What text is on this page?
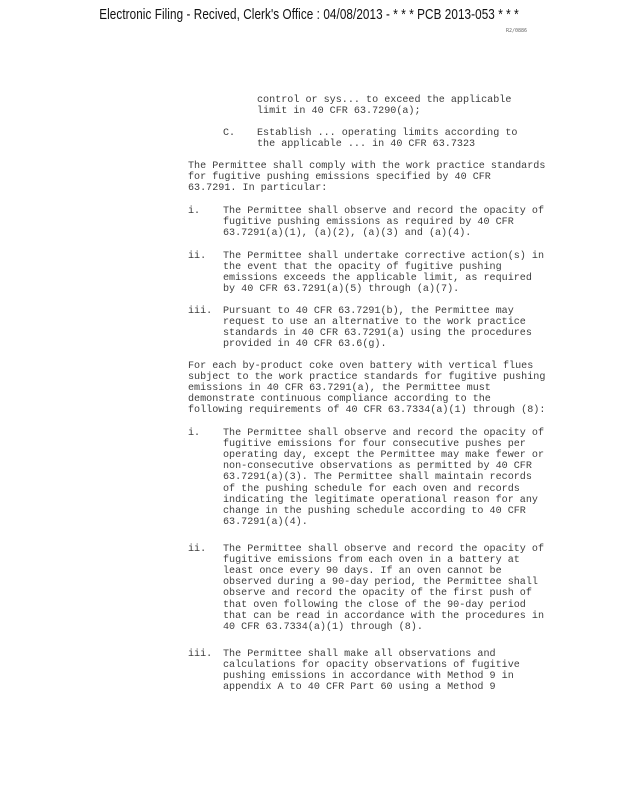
Electronic Filing - Recived, Clerk's Office : 04/08/2013 - * * * PCB 2013-053 * * *
R2/0886
control or sys... to exceed the applicable
limit in 40 CFR 63.7290(a);
C. Establish ... operating limits according to
the applicable ... in 40 CFR 63.7323
The Permittee shall comply with the work practice standards
for fugitive pushing emissions specified by 40 CFR
63.7291. In particular:
i. The Permittee shall observe and record the opacity of
fugitive pushing emissions as required by 40 CFR
63.7291(a)(1), (a)(2), (a)(3) and (a)(4).
ii. The Permittee shall undertake corrective action(s) in
the event that the opacity of fugitive pushing
emissions exceeds the applicable limit, as required
by 40 CFR 63.7291(a)(5) through (a)(7).
iii. Pursuant to 40 CFR 63.7291(b), the Permittee may
request to use an alternative to the work practice
standards in 40 CFR 63.7291(a) using the procedures
provided in 40 CFR 63.6(g).
For each by-product coke oven battery with vertical flues
subject to the work practice standards for fugitive pushing
emissions in 40 CFR 63.7291(a), the Permittee must
demonstrate continuous compliance according to the
following requirements of 40 CFR 63.7334(a)(1) through (8):
i. The Permittee shall observe and record the opacity of
fugitive emissions for four consecutive pushes per
operating day, except the Permittee may make fewer or
non-consecutive observations as permitted by 40 CFR
63.7291(a)(3). The Permittee shall maintain records
of the pushing schedule for each oven and records
indicating the legitimate operational reason for any
change in the pushing schedule according to 40 CFR
63.7291(a)(4).
ii. The Permittee shall observe and record the opacity of
fugitive emissions from each oven in a battery at
least once every 90 days. If an oven cannot be
observed during a 90-day period, the Permittee shall
observe and record the opacity of the first push of
that oven following the close of the 90-day period
that can be read in accordance with the procedures in
40 CFR 63.7334(a)(1) through (8).
iii. The Permittee shall make all observations and
calculations for opacity observations of fugitive
pushing emissions in accordance with Method 9 in
appendix A to 40 CFR Part 60 using a Method 9
